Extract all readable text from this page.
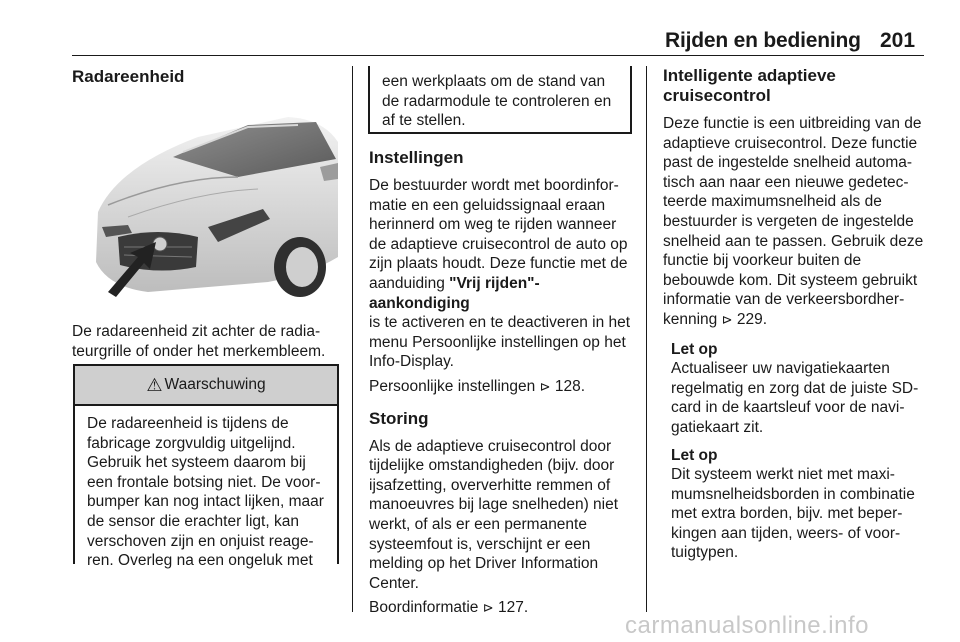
Rijden en bediening 201

Radareenheid

De radareenheid zit achter de radia-

teurgrille of onder het merkembleem.

⚠ Waarschuwing

De radareenheid is tijdens de

fabricage zorgvuldig uitgelijnd.

Gebruik het systeem daarom bij

een frontale botsing niet. De voor-

bumper kan nog intact lijken, maar

de sensor die erachter ligt, kan

verschoven zijn en onjuist reage-

ren. Overleg na een ongeluk met

een werkplaats om de stand van

de radarmodule te controleren en

af te stellen.

Instellingen

De bestuurder wordt met boordinfor-

matie en een geluidssignaal eraan

herinnerd om weg te rijden wanneer

de adaptieve cruisecontrol de auto op

zijn plaats houdt. Deze functie met de

aanduiding "Vrij rijden"-aankondiging

is te activeren en te deactiveren in het

menu Persoonlijke instellingen op het

Info-Display.

Persoonlijke instellingen ⊳ 128.

Storing

Als de adaptieve cruisecontrol door

tijdelijke omstandigheden (bijv. door

ijsafzetting, oververhitte remmen of

manoeuvres bij lage snelheden) niet

werkt, of als er een permanente

systeemfout is, verschijnt er een

melding op het Driver Information

Center.

Boordinformatie ⊳ 127.

Intelligente adaptieve

cruisecontrol

Deze functie is een uitbreiding van de

adaptieve cruisecontrol. Deze functie

past de ingestelde snelheid automa-

tisch aan naar een nieuwe gedetec-

teerde maximumsnelheid als de

bestuurder is vergeten de ingestelde

snelheid aan te passen. Gebruik deze

functie bij voorkeur buiten de

bebouwde kom. Dit systeem gebruikt

informatie van de verkeersbordher-

kenning ⊳ 229.

Let op

Actualiseer uw navigatiekaarten

regelmatig en zorg dat de juiste SD-

card in de kaartsleuf voor de navi-

gatiekaart zit.

Let op

Dit systeem werkt niet met maxi-

mumsnelheidsborden in combinatie

met extra borden, bijv. met beper-

kingen aan tijden, weers- of voor-

tuigtypen.

carmanualsonline.info
